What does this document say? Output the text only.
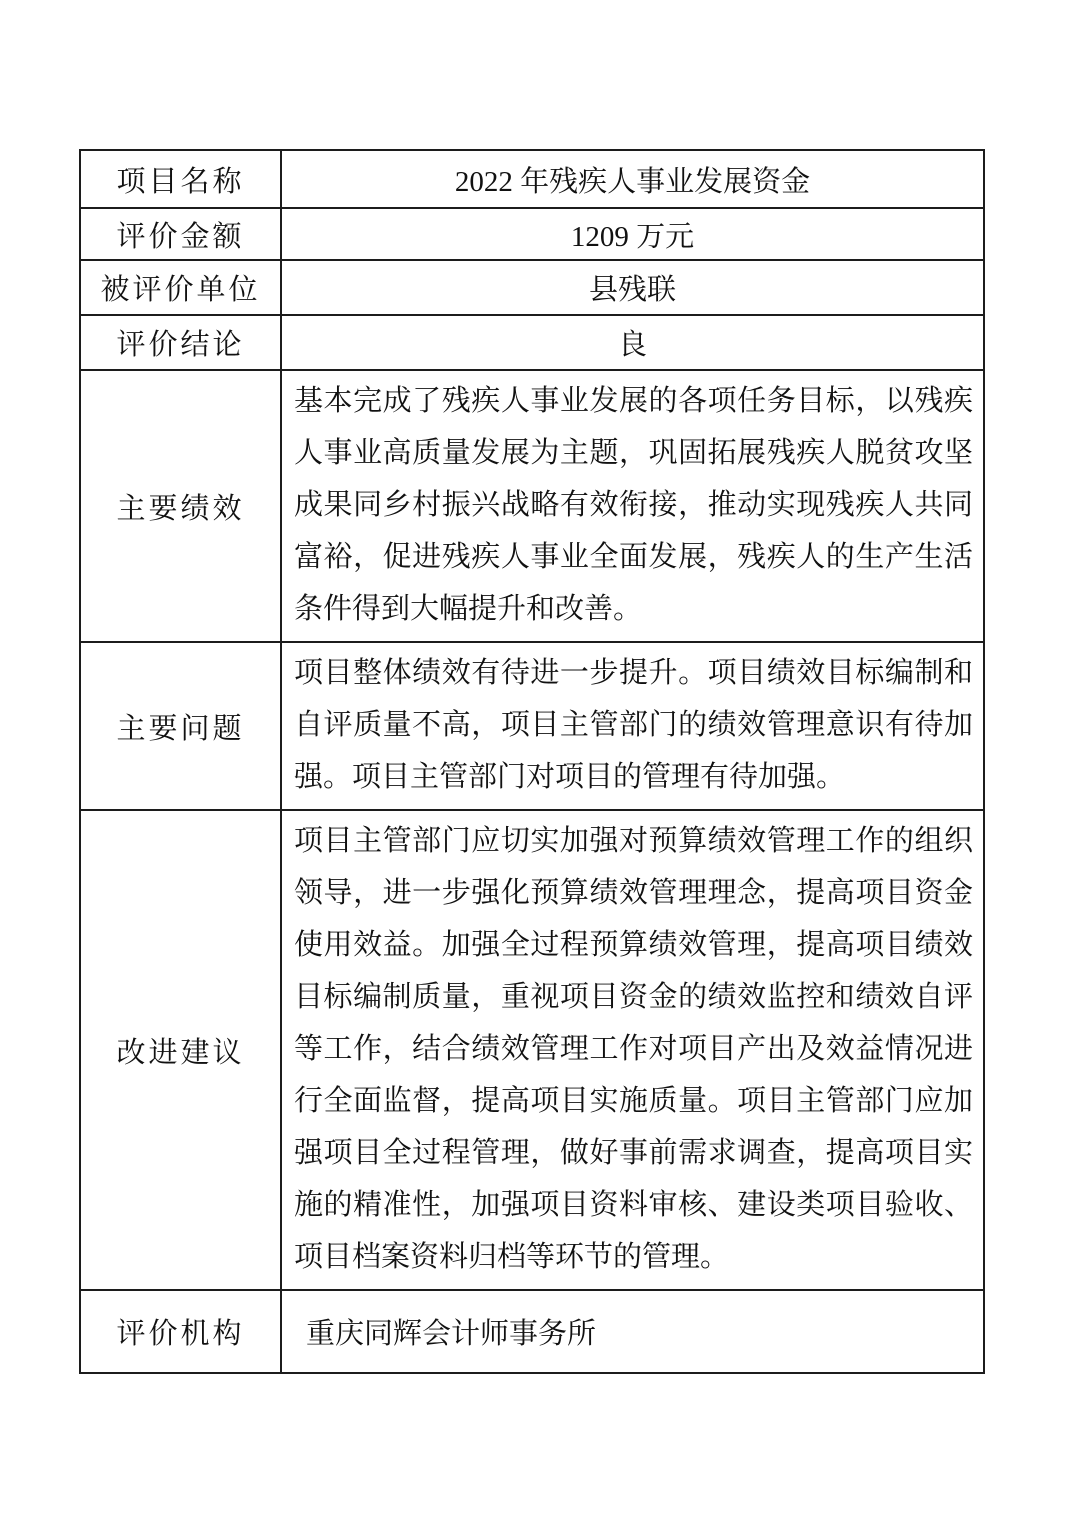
项目名称	2022 年残疾人事业发展资金
评价金额	1209 万元
被评价单位	县残联
评价结论	良
主要绩效	基本完成了残疾人事业发展的各项任务目标，以残疾人事业高质量发展为主题，巩固拓展残疾人脱贫攻坚成果同乡村振兴战略有效衔接，推动实现残疾人共同富裕，促进残疾人事业全面发展，残疾人的生产生活条件得到大幅提升和改善。
主要问题	项目整体绩效有待进一步提升。项目绩效目标编制和自评质量不高，项目主管部门的绩效管理意识有待加强。项目主管部门对项目的管理有待加强。
改进建议	项目主管部门应切实加强对预算绩效管理工作的组织领导，进一步强化预算绩效管理理念，提高项目资金使用效益。加强全过程预算绩效管理，提高项目绩效目标编制质量，重视项目资金的绩效监控和绩效自评等工作，结合绩效管理工作对项目产出及效益情况进行全面监督，提高项目实施质量。项目主管部门应加强项目全过程管理，做好事前需求调查，提高项目实施的精准性，加强项目资料审核、建设类项目验收、项目档案资料归档等环节的管理。
评价机构	重庆同辉会计师事务所
